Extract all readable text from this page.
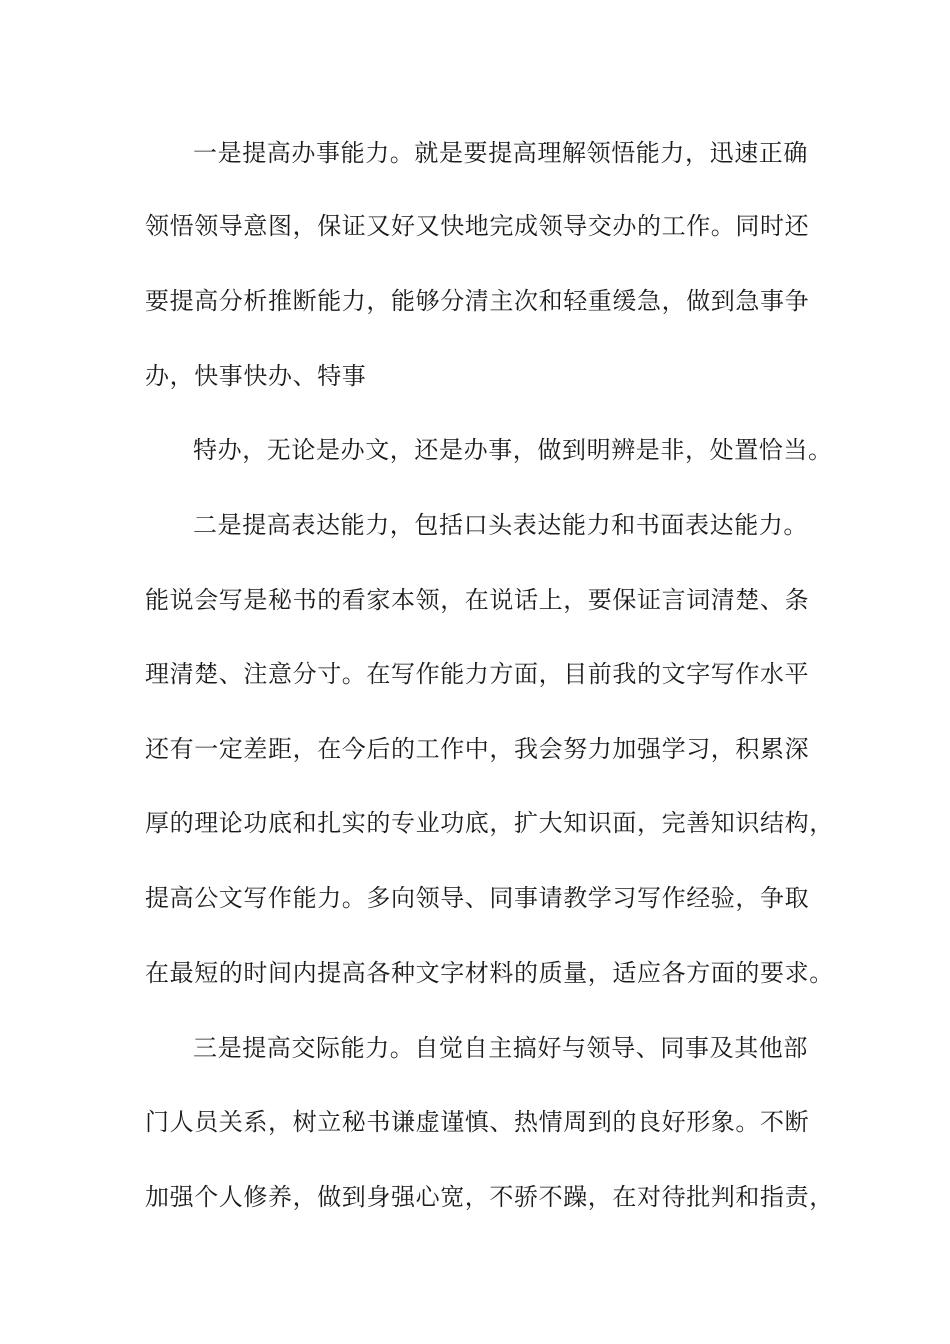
一是提高办事能力。就是要提高理解领悟能力，迅速正确
领悟领导意图，保证又好又快地完成领导交办的工作。同时还
要提高分析推断能力，能够分清主次和轻重缓急，做到急事争
办，快事快办、特事
特办，无论是办文，还是办事，做到明辨是非，处置恰当。
二是提高表达能力，包括口头表达能力和书面表达能力。
能说会写是秘书的看家本领，在说话上，要保证言词清楚、条
理清楚、注意分寸。在写作能力方面，目前我的文字写作水平
还有一定差距，在今后的工作中，我会努力加强学习，积累深
厚的理论功底和扎实的专业功底，扩大知识面，完善知识结构，
提高公文写作能力。多向领导、同事请教学习写作经验，争取
在最短的时间内提高各种文字材料的质量，适应各方面的要求。
三是提高交际能力。自觉自主搞好与领导、同事及其他部
门人员关系，树立秘书谦虚谨慎、热情周到的良好形象。不断
加强个人修养，做到身强心宽，不骄不躁，在对待批判和指责，
